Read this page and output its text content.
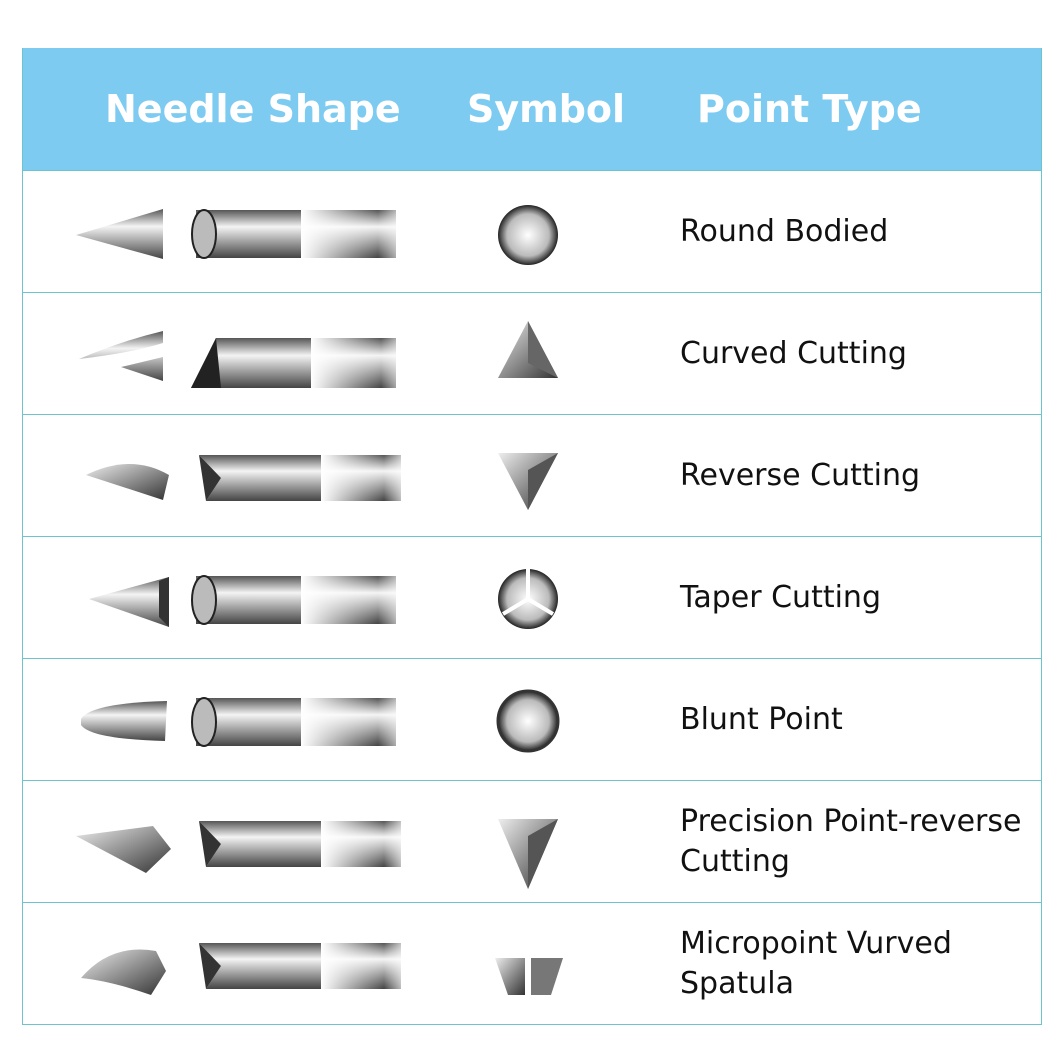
Needle Shape Symbol Point Type
Round Bodied
Curved Cutting
Reverse Cutting
Taper Cutting
Blunt Point
Precision Point-reverse Cutting
Micropoint Vurved Spatula
